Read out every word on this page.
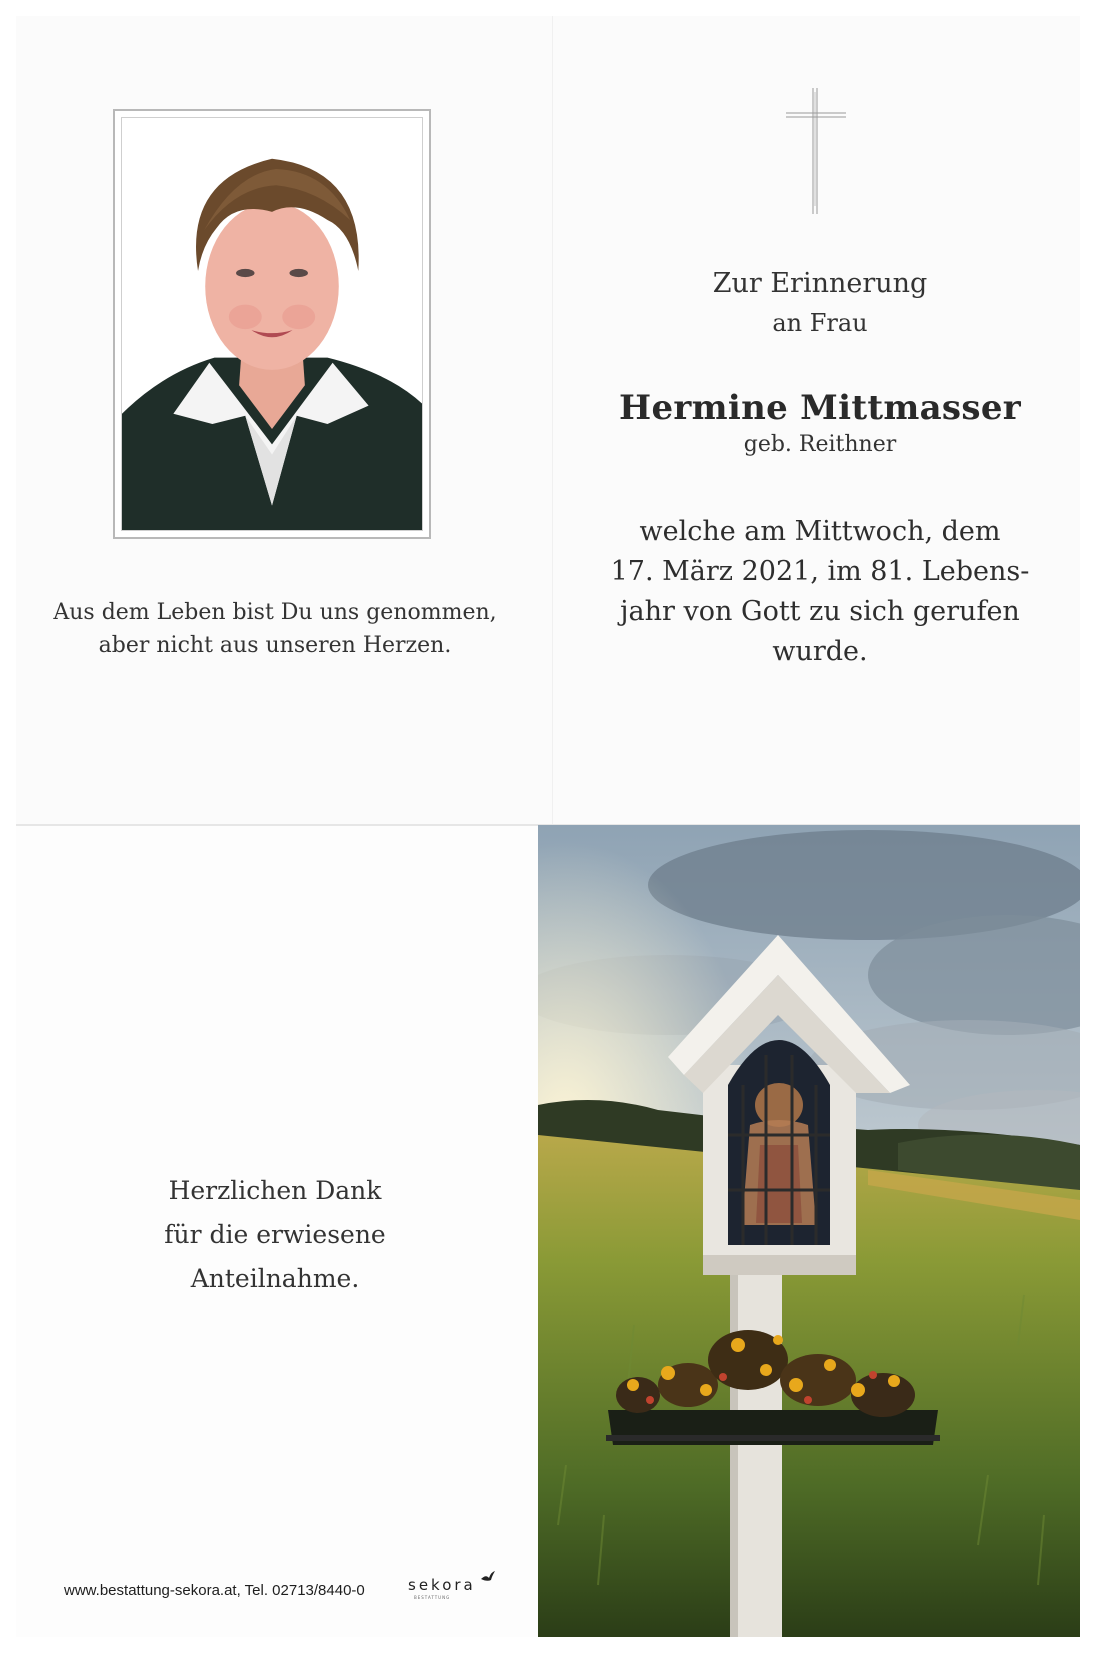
Aus dem Leben bist Du uns genommen,
aber nicht aus unseren Herzen.
Zur Erinnerung
an Frau
Hermine Mittmasser
geb. Reithner
welche am Mittwoch, dem
17. März 2021, im 81. Lebens-
jahr von Gott zu sich gerufen
wurde.
Herzlichen Dank
für die erwiesene
Anteilnahme.
www.bestattung-sekora.at, Tel. 02713/8440-0	sekora
BESTATTUNG
